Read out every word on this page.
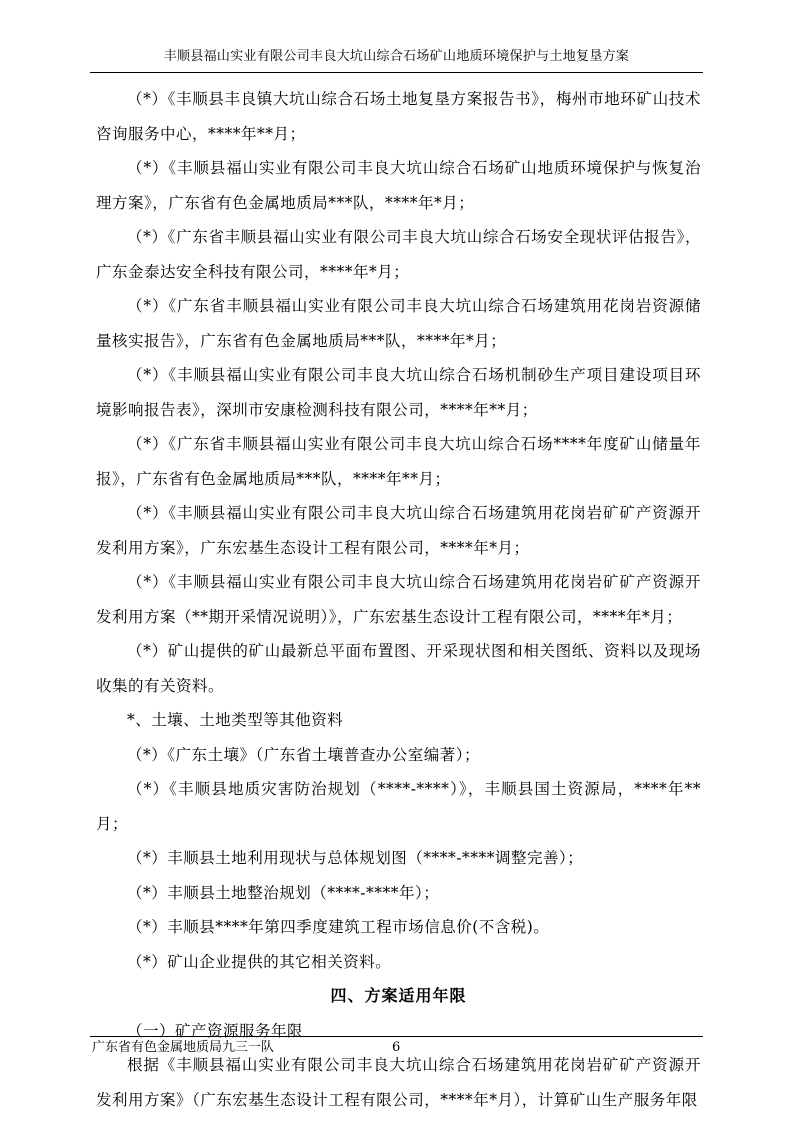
丰顺县福山实业有限公司丰良大坑山综合石场矿山地质环境保护与土地复垦方案

（*）《丰顺县丰良镇大坑山综合石场土地复垦方案报告书》，梅州市地环矿山技术咨询服务中心，****年**月；

（*）《丰顺县福山实业有限公司丰良大坑山综合石场矿山地质环境保护与恢复治理方案》，广东省有色金属地质局***队，****年*月；

（*）《广东省丰顺县福山实业有限公司丰良大坑山综合石场安全现状评估报告》，广东金泰达安全科技有限公司，****年*月；

（*）《广东省丰顺县福山实业有限公司丰良大坑山综合石场建筑用花岗岩资源储量核实报告》，广东省有色金属地质局***队，****年*月；

（*）《丰顺县福山实业有限公司丰良大坑山综合石场机制砂生产项目建设项目环境影响报告表》，深圳市安康检测科技有限公司，****年**月；

（*）《广东省丰顺县福山实业有限公司丰良大坑山综合石场****年度矿山储量年报》，广东省有色金属地质局***队，****年**月；

（*）《丰顺县福山实业有限公司丰良大坑山综合石场建筑用花岗岩矿矿产资源开发利用方案》，广东宏基生态设计工程有限公司，****年*月；

（*）《丰顺县福山实业有限公司丰良大坑山综合石场建筑用花岗岩矿矿产资源开发利用方案（**期开采情况说明）》，广东宏基生态设计工程有限公司，****年*月；

（*）矿山提供的矿山最新总平面布置图、开采现状图和相关图纸、资料以及现场收集的有关资料。

*、土壤、土地类型等其他资料

（*）《广东土壤》（广东省土壤普查办公室编著）；

（*）《丰顺县地质灾害防治规划（****-****）》，丰顺县国土资源局，****年**月；

（*）丰顺县土地利用现状与总体规划图（****-****调整完善）；

（*）丰顺县土地整治规划（****-****年）；

（*）丰顺县****年第四季度建筑工程市场信息价(不含税)。

（*）矿山企业提供的其它相关资料。

四、方案适用年限

（一）矿产资源服务年限

根据《丰顺县福山实业有限公司丰良大坑山综合石场建筑用花岗岩矿矿产资源开发利用方案》（广东宏基生态设计工程有限公司，****年*月），计算矿山生产服务年限

广东省有色金属地质局九三一队	6
